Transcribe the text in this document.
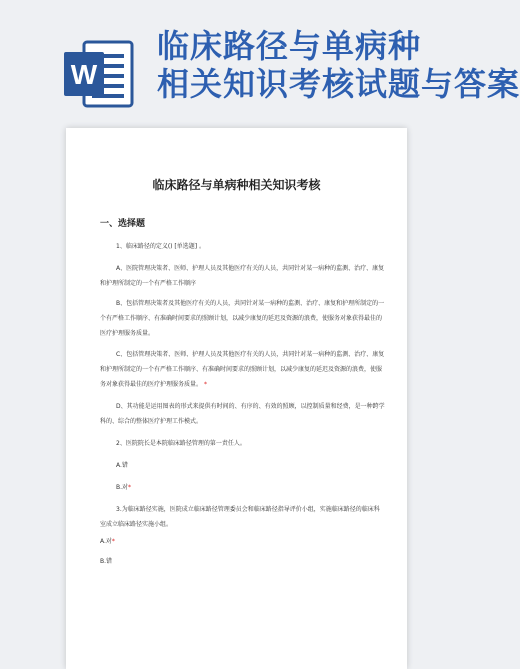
W
临床路径与单病种
相关知识考核试题与答案
临床路径与单病种相关知识考核
一、选择题
1、临床路径的定义() [单选题] 。
A、医院管理决策者、医师、护理人员及其他医疗有关的人员，共同针对某一病种的监测、治疗、康复
和护理所制定的一个有严格工作顺序
B、包括管理决策者及其他医疗有关的人员，共同针对某一病种的监测、治疗、康复和护理所制定的一
个有严格工作顺序、有准确时间要求的照顾计划，以减少康复的延迟及资源的浪费，使服务对象获得最佳的
医疗护理服务质量。
C、包括管理决策者、医师、护理人员及其他医疗有关的人员，共同针对某一病种的监测、治疗、康复
和护理所制定的一个有严格工作顺序、有准确时间要求的照顾计划，以减少康复的延迟及资源的浪费，使服
务对象获得最佳的医疗护理服务质量。 *
D、其功能是运用图表的形式来提供有时间的、有序的、有效的照顾，以控制质量和经费，是一种跨学
科的、综合的整体医疗护理工作模式。
2、医院院长是本院临床路径管理的第一责任人。
A.错
B.对*
3.为临床路径实施，医院成立临床路径管理委员会和临床路径指导评价小组，实施临床路径的临床科
室成立临床路径实施小组。
A.对*
B.错
